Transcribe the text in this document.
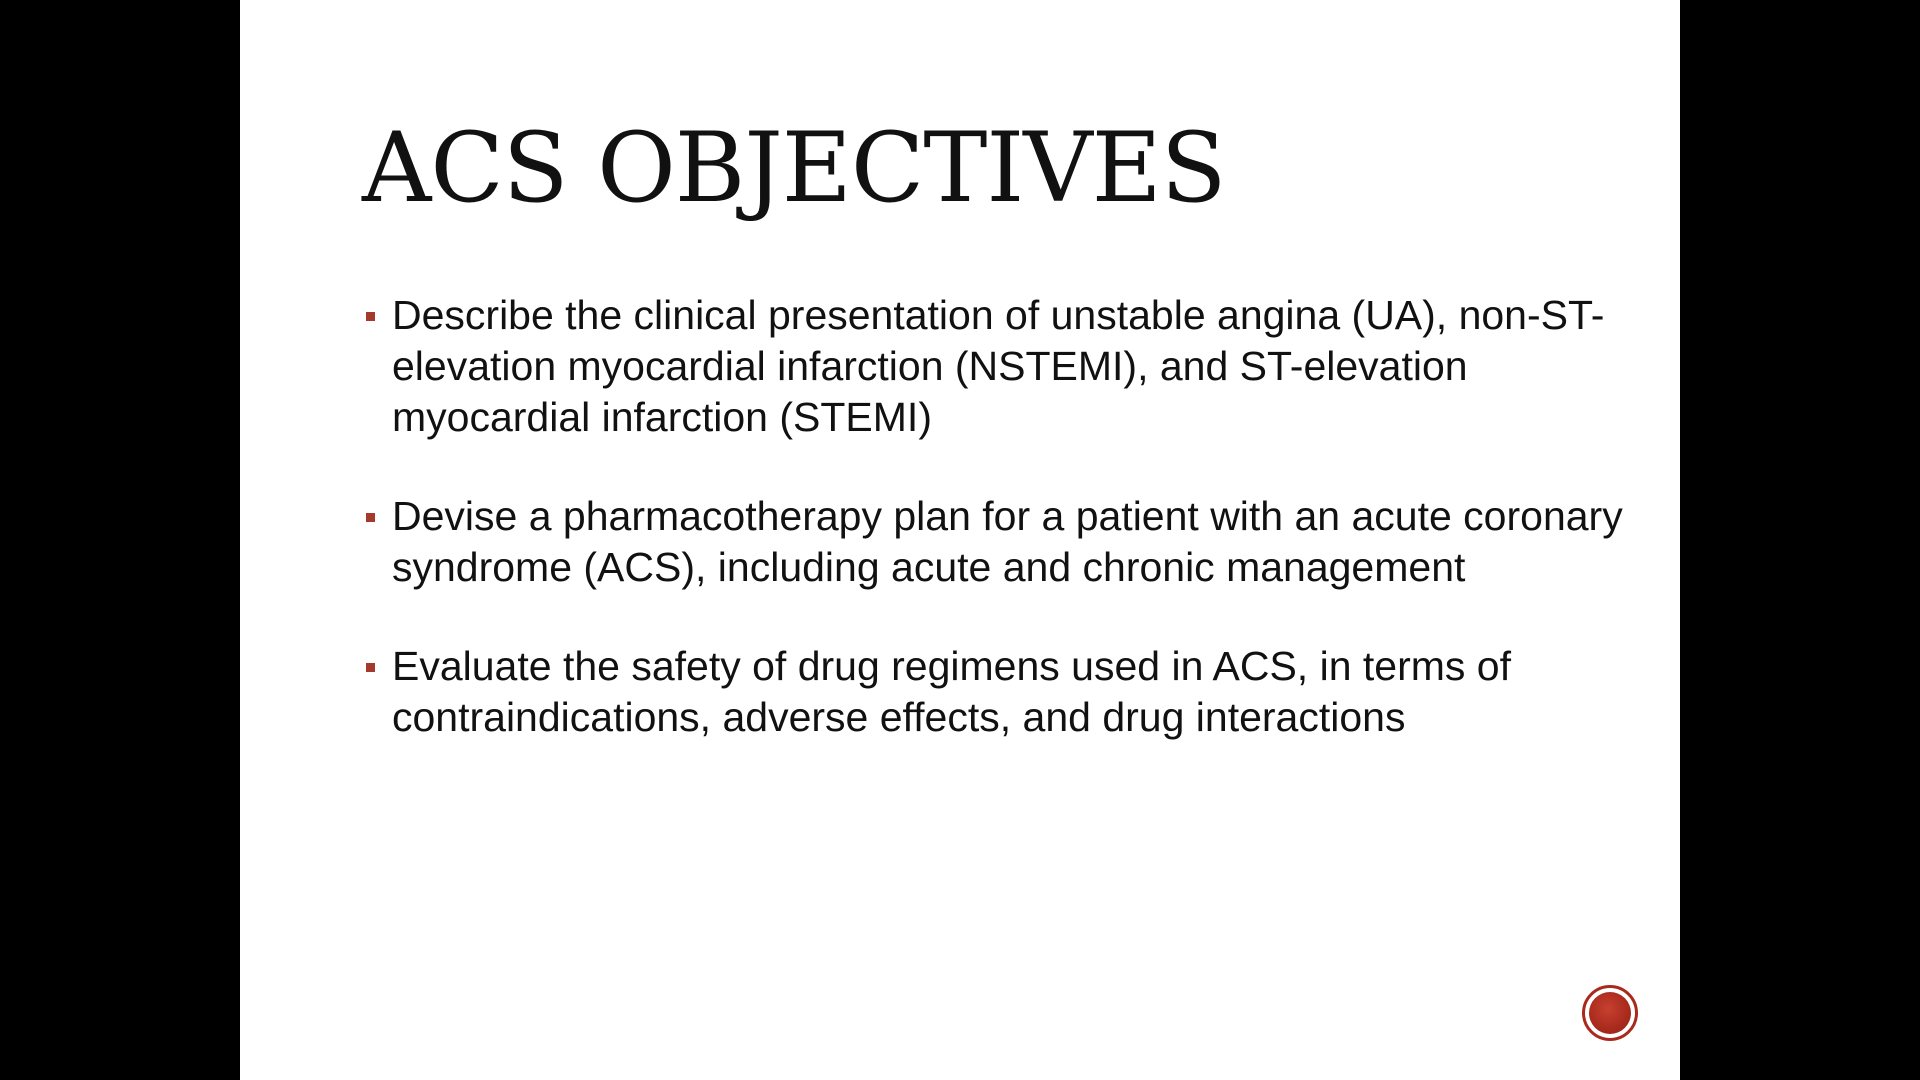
ACS OBJECTIVES
Describe the clinical presentation of unstable angina (UA), non-ST-elevation myocardial infarction (NSTEMI), and ST-elevation myocardial infarction (STEMI)
Devise a pharmacotherapy plan for a patient with an acute coronary syndrome (ACS), including acute and chronic management
Evaluate the safety of drug regimens used in ACS, in terms of contraindications, adverse effects, and drug interactions
